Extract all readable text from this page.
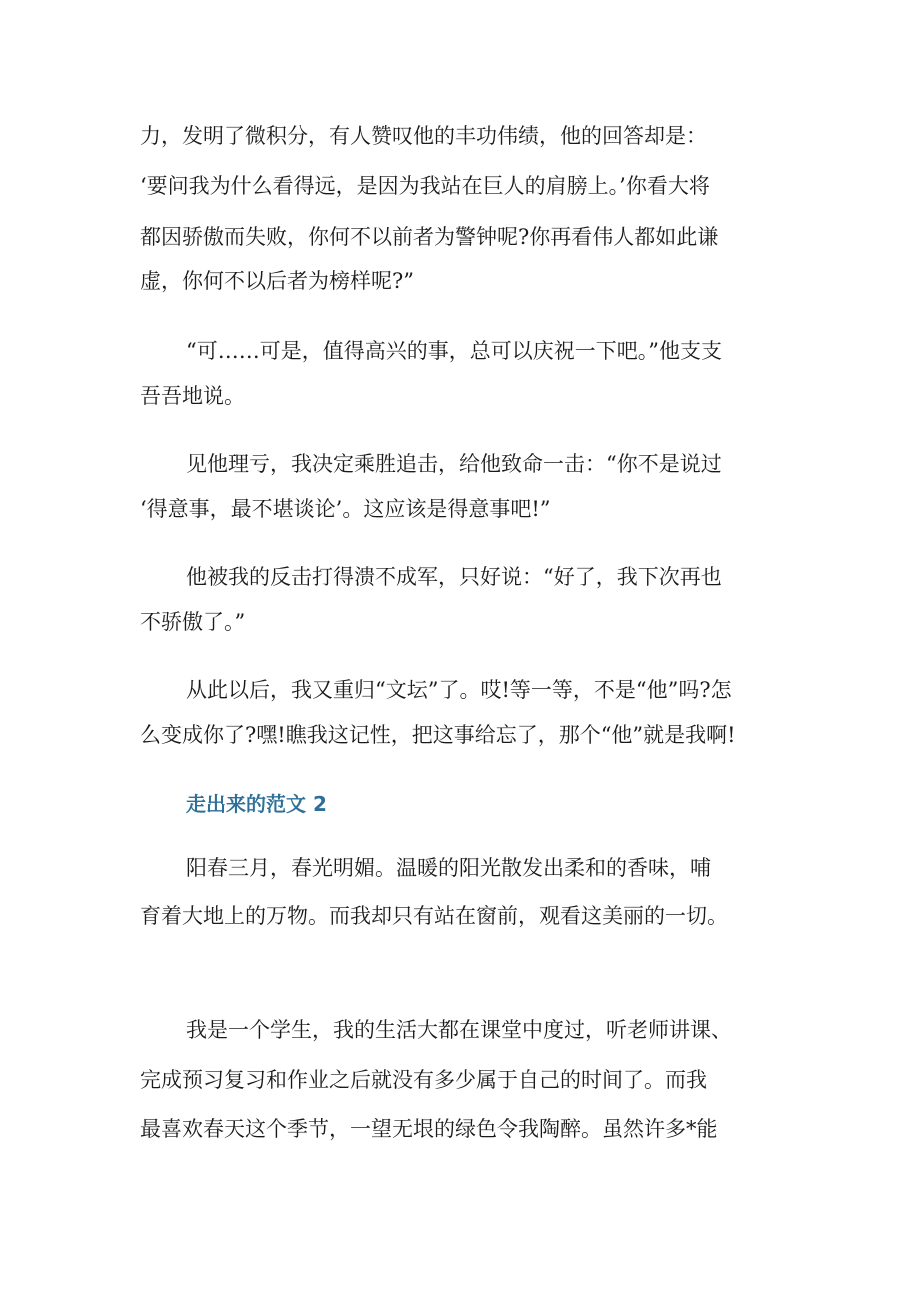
力，发明了微积分，有人赞叹他的丰功伟绩，他的回答却是：
‘要问我为什么看得远，是因为我站在巨人的肩膀上。’你看大将
都因骄傲而失败，你何不以前者为警钟呢?你再看伟人都如此谦
虚，你何不以后者为榜样呢?”
“可……可是，值得高兴的事，总可以庆祝一下吧。”他支支
吾吾地说。
见他理亏，我决定乘胜追击，给他致命一击：“你不是说过
‘得意事，最不堪谈论’。这应该是得意事吧!”
他被我的反击打得溃不成军，只好说：“好了，我下次再也
不骄傲了。”
从此以后，我又重归“文坛”了。哎!等一等，不是“他”吗?怎
么变成你了?嘿!瞧我这记性，把这事给忘了，那个“他”就是我啊!
走出来的范文 2
阳春三月，春光明媚。温暖的阳光散发出柔和的香味，哺
育着大地上的万物。而我却只有站在窗前，观看这美丽的一切。
我是一个学生，我的生活大都在课堂中度过，听老师讲课、
完成预习复习和作业之后就没有多少属于自己的时间了。而我
最喜欢春天这个季节，一望无垠的绿色令我陶醉。虽然许多*能
